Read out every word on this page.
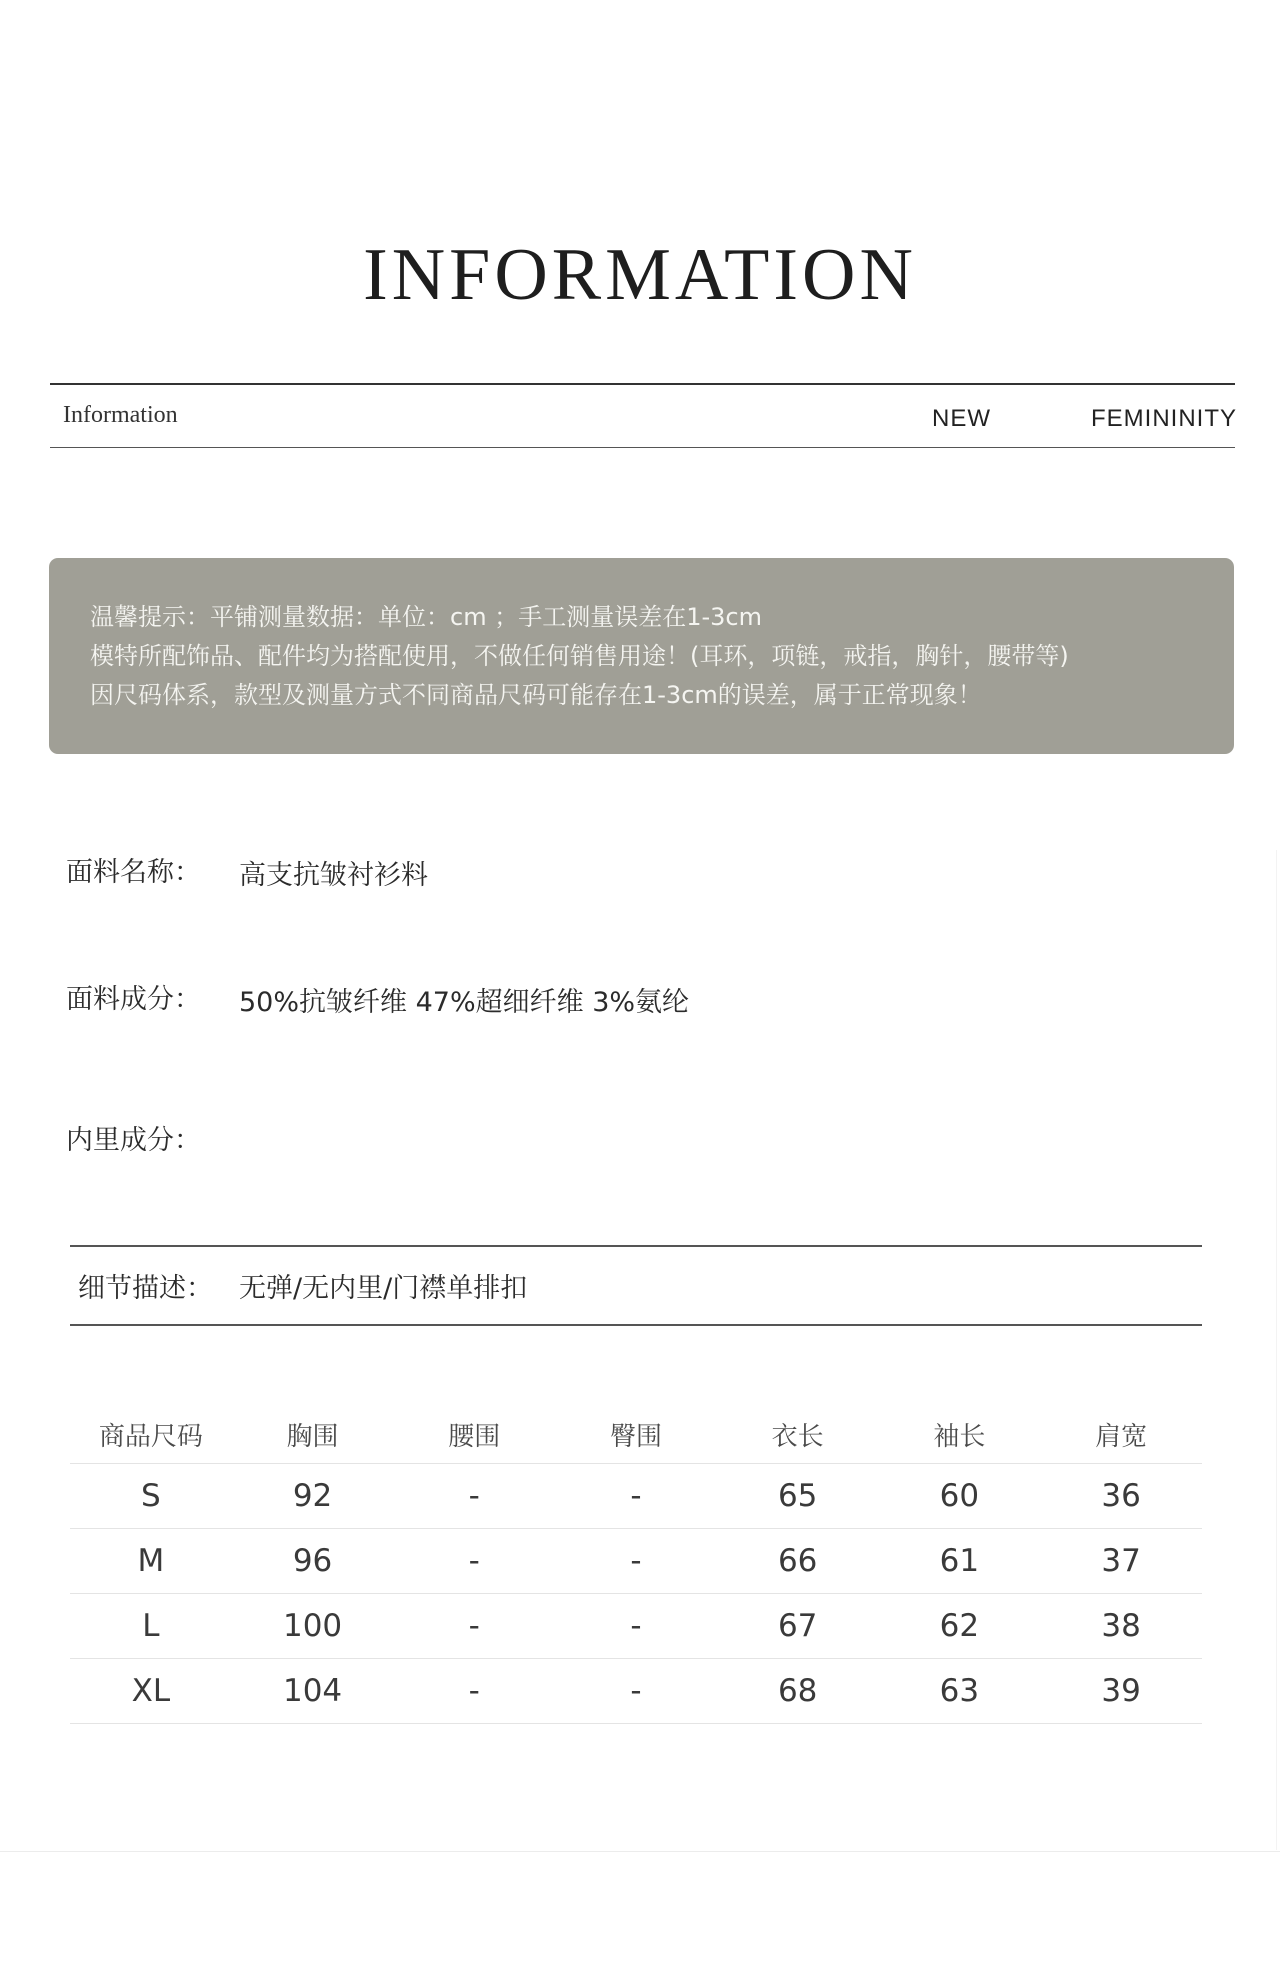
INFORMATION
Information	NEW	FEMININITY
温馨提示：平铺测量数据：单位：cm ；手工测量误差在1-3cm
模特所配饰品、配件均为搭配使用，不做任何销售用途！(耳环，项链，戒指，胸针，腰带等)
因尺码体系，款型及测量方式不同商品尺码可能存在1-3cm的误差，属于正常现象！
面料名称： 高支抗皱衬衫料
面料成分： 50%抗皱纤维 47%超细纤维 3%氨纶
内里成分：
细节描述： 无弹/无内里/门襟单排扣
商品尺码	胸围	腰围	臀围	衣长	袖长	肩宽
S	92	-	-	65	60	36
M	96	-	-	66	61	37
L	100	-	-	67	62	38
XL	104	-	-	68	63	39
